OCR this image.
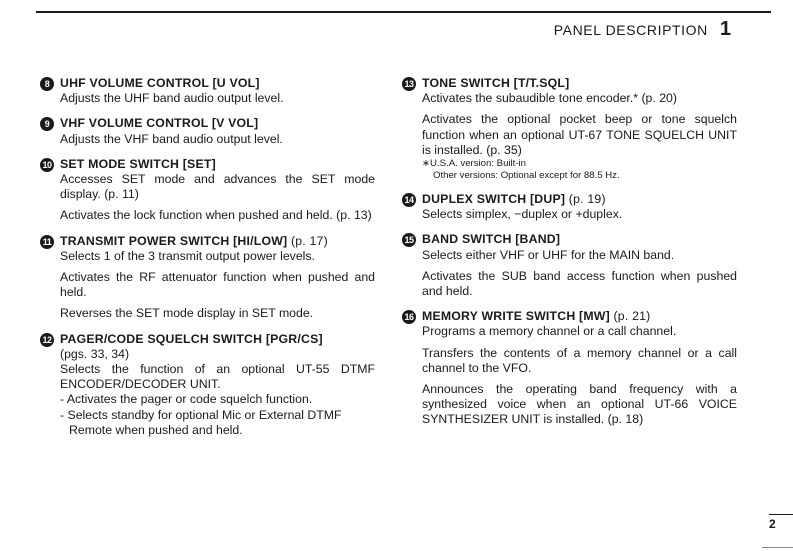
PANEL DESCRIPTION 1
8 UHF VOLUME CONTROL [U VOL]

Adjusts the UHF band audio output level.

9 VHF VOLUME CONTROL [V VOL]

Adjusts the VHF band audio output level.

10 SET MODE SWITCH [SET]

Accesses SET mode and advances the SET mode display. (p. 11)

Activates the lock function when pushed and held. (p. 13)

11 TRANSMIT POWER SWITCH [HI/LOW] (p. 17)

Selects 1 of the 3 transmit output power levels.

Activates the RF attenuator function when pushed and held.

Reverses the SET mode display in SET mode.

12 PAGER/CODE SQUELCH SWITCH [PGR/CS]

(pgs. 33, 34)

Selects the function of an optional UT-55 DTMF ENCODER/DECODER UNIT.

- Activates the pager or code squelch function.

- Selects standby for optional Mic or External DTMF Remote when pushed and held.

13 TONE SWITCH [T/T.SQL]

Activates the subaudible tone encoder.* (p. 20)

Activates the optional pocket beep or tone squelch function when an optional UT-67 TONE SQUELCH UNIT is installed. (p. 35)

∗U.S.A. version: Built-in

Other versions: Optional except for 88.5 Hz.

14 DUPLEX SWITCH [DUP] (p. 19)

Selects simplex, −duplex or +duplex.

15 BAND SWITCH [BAND]

Selects either VHF or UHF for the MAIN band.

Activates the SUB band access function when pushed and held.

16 MEMORY WRITE SWITCH [MW] (p. 21)

Programs a memory channel or a call channel.

Transfers the contents of a memory channel or a call channel to the VFO.

Announces the operating band frequency with a synthesized voice when an optional UT-66 VOICE SYNTHESIZER UNIT is installed. (p. 18)

2
